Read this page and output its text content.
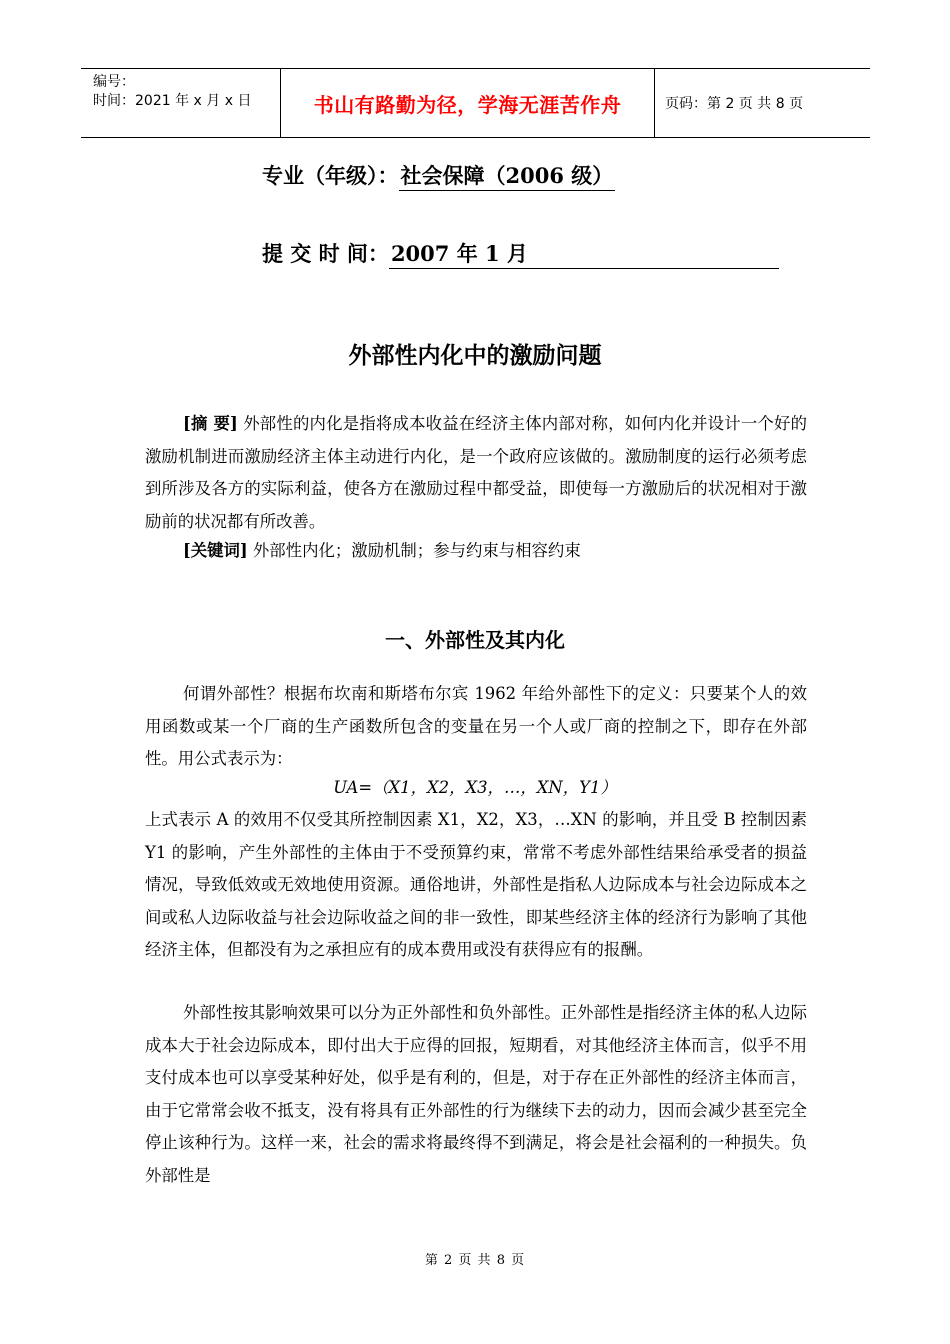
编号：
时间：2021 年 x 月 x 日	书山有路勤为径，学海无涯苦作舟	页码：第 2 页 共 8 页
专业（年级）：社会保障（2006 级）
提 交 时 间：2007 年 1 月
外部性内化中的激励问题
[摘 要] 外部性的内化是指将成本收益在经济主体内部对称，如何内化并设计一个好的激励机制进而激励经济主体主动进行内化，是一个政府应该做的。激励制度的运行必须考虑到所涉及各方的实际利益，使各方在激励过程中都受益，即使每一方激励后的状况相对于激励前的状况都有所改善。
[关键词] 外部性内化；激励机制；参与约束与相容约束
一、外部性及其内化
何谓外部性？根据布坎南和斯塔布尔宾 1962 年给外部性下的定义：只要某个人的效用函数或某一个厂商的生产函数所包含的变量在另一个人或厂商的控制之下，即存在外部性。用公式表示为：
UA=（X1，X2，X3，…，XN，Y1）
上式表示 A 的效用不仅受其所控制因素 X1，X2，X3，…XN 的影响，并且受 B 控制因素 Y1 的影响，产生外部性的主体由于不受预算约束，常常不考虑外部性结果给承受者的损益情况，导致低效或无效地使用资源。通俗地讲，外部性是指私人边际成本与社会边际成本之间或私人边际收益与社会边际收益之间的非一致性，即某些经济主体的经济行为影响了其他经济主体，但都没有为之承担应有的成本费用或没有获得应有的报酬。
外部性按其影响效果可以分为正外部性和负外部性。正外部性是指经济主体的私人边际成本大于社会边际成本，即付出大于应得的回报，短期看，对其他经济主体而言，似乎不用支付成本也可以享受某种好处，似乎是有利的，但是，对于存在正外部性的经济主体而言，由于它常常会收不抵支，没有将具有正外部性的行为继续下去的动力，因而会减少甚至完全停止该种行为。这样一来，社会的需求将最终得不到满足，将会是社会福利的一种损失。负外部性是
第 2 页 共 8 页
